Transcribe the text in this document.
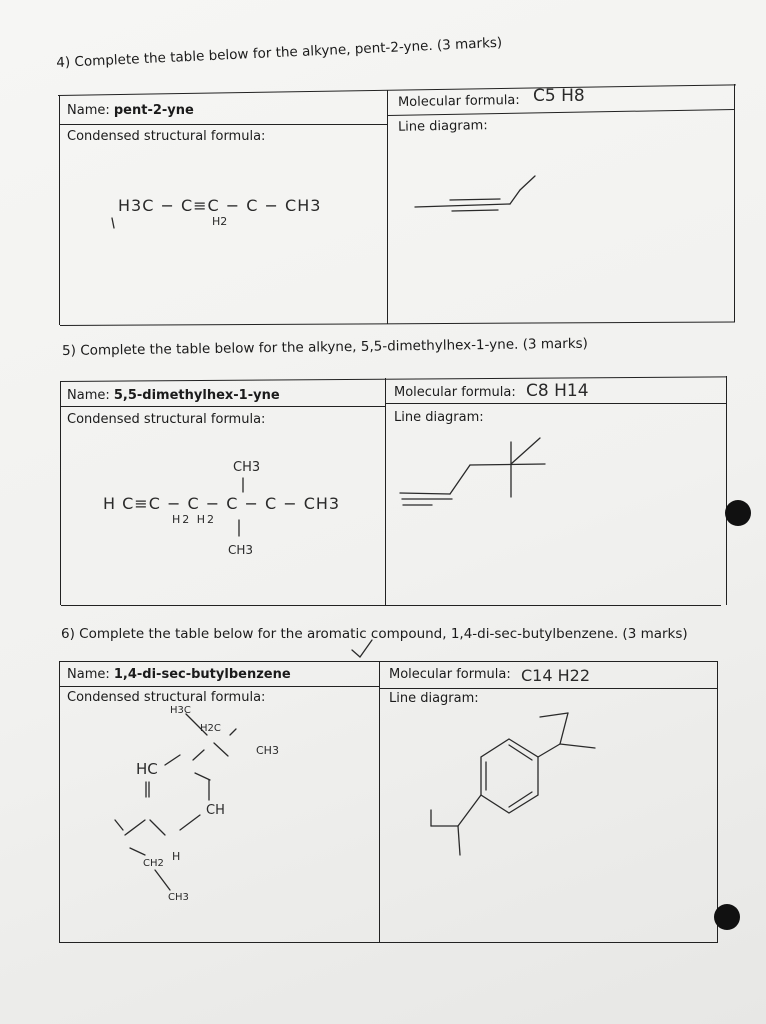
4) Complete the table below for the alkyne, pent-2-yne. (3 marks)
Name: pent-2-yne
Condensed structural formula:
Molecular formula: C5 H8
Line diagram:
H3C − C≡C − C − CH3
H2
5) Complete the table below for the alkyne, 5,5-dimethylhex-1-yne. (3 marks)
Name: 5,5-dimethylhex-1-yne
Condensed structural formula:
Molecular formula: C8 H14
Line diagram:
CH3
H C≡C − C − C − C − CH3
H2 H2
CH3
6) Complete the table below for the aromatic compound, 1,4-di-sec-butylbenzene. (3 marks)
Name: 1,4-di-sec-butylbenzene
Condensed structural formula:
Molecular formula: C14 H22
Line diagram:
H3C
H2C
CH3
HC
CH
H
CH2
CH3
